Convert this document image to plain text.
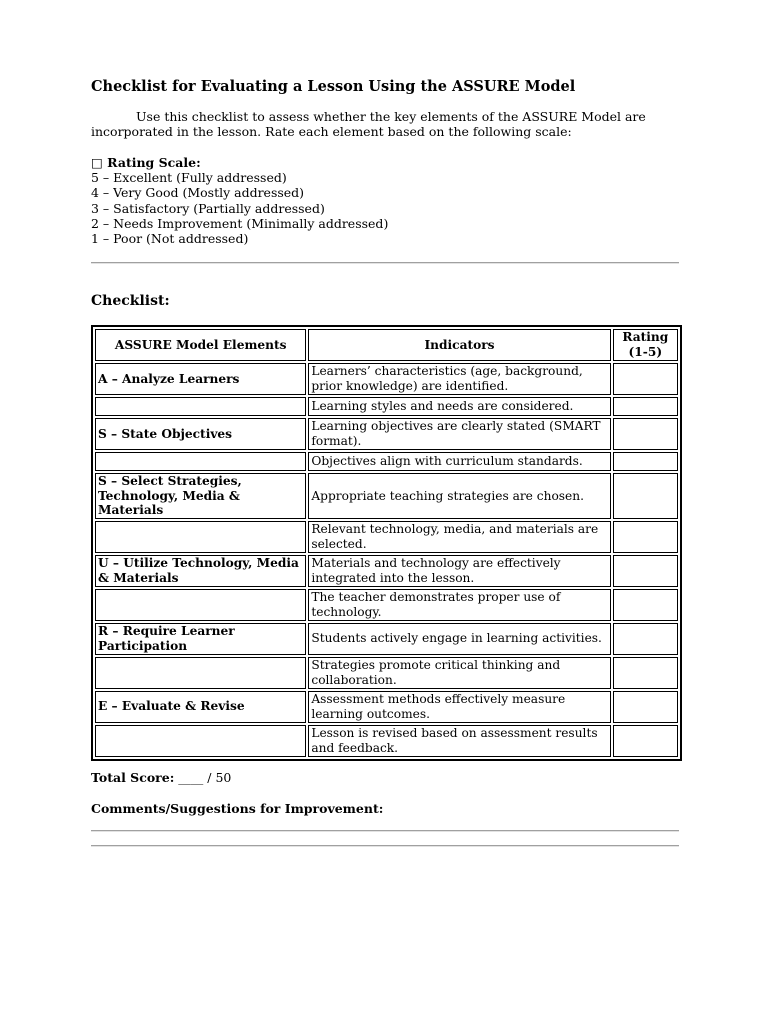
Checklist for Evaluating a Lesson Using the ASSURE Model
Use this checklist to assess whether the key elements of the ASSURE Model are incorporated in the lesson. Rate each element based on the following scale:
□ Rating Scale:
5 – Excellent (Fully addressed)
4 – Very Good (Mostly addressed)
3 – Satisfactory (Partially addressed)
2 – Needs Improvement (Minimally addressed)
1 – Poor (Not addressed)
Checklist:
ASSURE Model Elements	Indicators	Rating (1-5)
A – Analyze Learners	Learners’ characteristics (age, background, prior knowledge) are identified.	
	Learning styles and needs are considered.	
S – State Objectives	Learning objectives are clearly stated (SMART format).	
	Objectives align with curriculum standards.	
S – Select Strategies, Technology, Media & Materials	Appropriate teaching strategies are chosen.	
	Relevant technology, media, and materials are selected.	
U – Utilize Technology, Media & Materials	Materials and technology are effectively integrated into the lesson.	
	The teacher demonstrates proper use of technology.	
R – Require Learner Participation	Students actively engage in learning activities.	
	Strategies promote critical thinking and collaboration.	
E – Evaluate & Revise	Assessment methods effectively measure learning outcomes.	
	Lesson is revised based on assessment results and feedback.	
Total Score: ____ / 50
Comments/Suggestions for Improvement:
